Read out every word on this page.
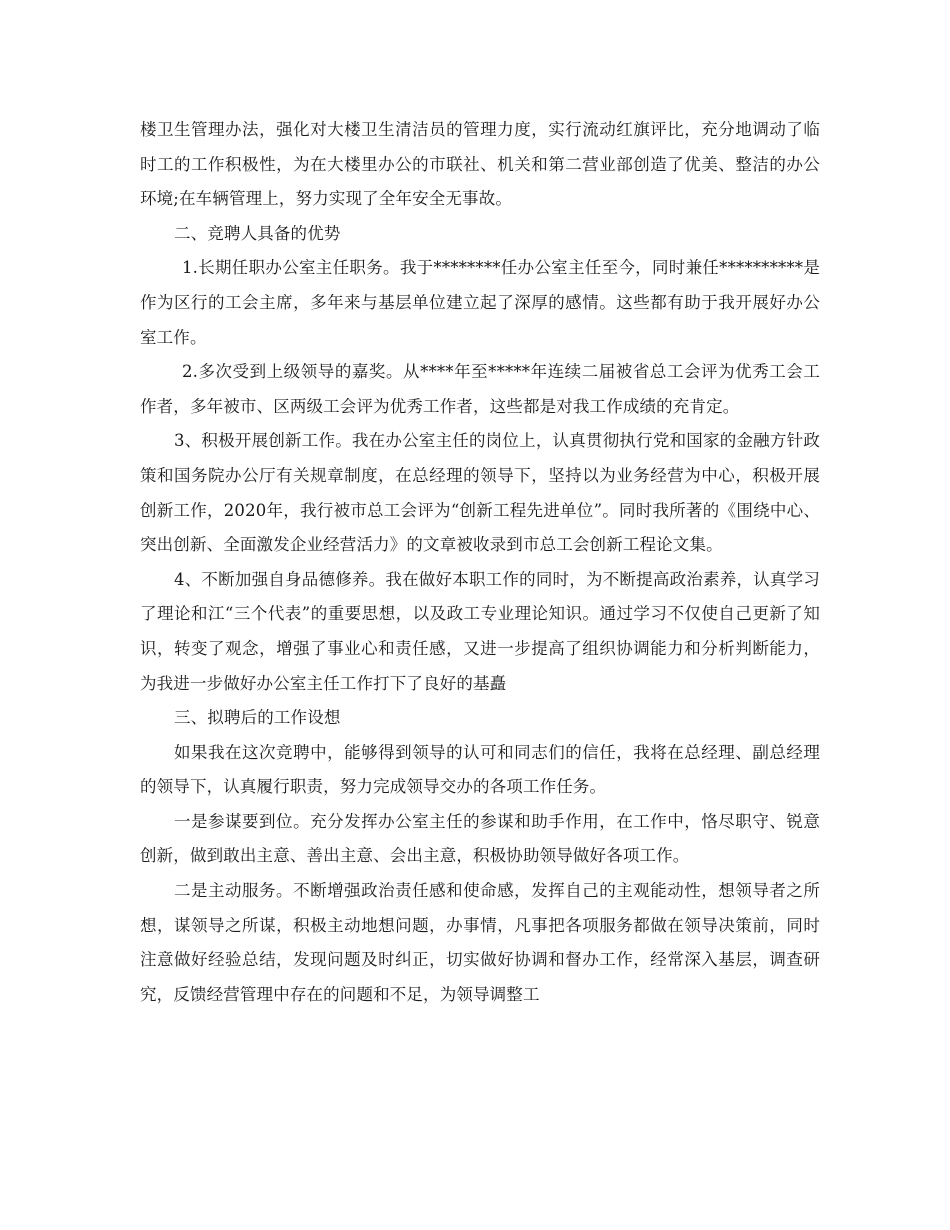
楼卫生管理办法，强化对大楼卫生清洁员的管理力度，实行流动红旗评比，充分地调动了临时工的工作积极性，为在大楼里办公的市联社、机关和第二营业部创造了优美、整洁的办公环境;在车辆管理上，努力实现了全年安全无事故。

二、竞聘人具备的优势

1.长期任职办公室主任职务。我于********任办公室主任至今，同时兼任**********是作为区行的工会主席，多年来与基层单位建立起了深厚的感情。这些都有助于我开展好办公室工作。

2.多次受到上级领导的嘉奖。从****年至*****年连续二届被省总工会评为优秀工会工作者，多年被市、区两级工会评为优秀工作者，这些都是对我工作成绩的充肯定。

3、积极开展创新工作。我在办公室主任的岗位上，认真贯彻执行党和国家的金融方针政策和国务院办公厅有关规章制度，在总经理的领导下，坚持以为业务经营为中心，积极开展创新工作，2020年，我行被市总工会评为“创新工程先进单位”。同时我所著的《围绕中心、突出创新、全面激发企业经营活力》的文章被收录到市总工会创新工程论文集。

4、不断加强自身品德修养。我在做好本职工作的同时，为不断提高政治素养，认真学习了理论和江“三个代表”的重要思想，以及政工专业理论知识。通过学习不仅使自己更新了知识，转变了观念，增强了事业心和责任感，又进一步提高了组织协调能力和分析判断能力，为我进一步做好办公室主任工作打下了良好的基矗

三、拟聘后的工作设想

如果我在这次竞聘中，能够得到领导的认可和同志们的信任，我将在总经理、副总经理的领导下，认真履行职责，努力完成领导交办的各项工作任务。

一是参谋要到位。充分发挥办公室主任的参谋和助手作用，在工作中，恪尽职守、锐意创新，做到敢出主意、善出主意、会出主意，积极协助领导做好各项工作。

二是主动服务。不断增强政治责任感和使命感，发挥自己的主观能动性，想领导者之所想，谋领导之所谋，积极主动地想问题，办事情，凡事把各项服务都做在领导决策前，同时注意做好经验总结，发现问题及时纠正，切实做好协调和督办工作，经常深入基层，调查研究，反馈经营管理中存在的问题和不足，为领导调整工
